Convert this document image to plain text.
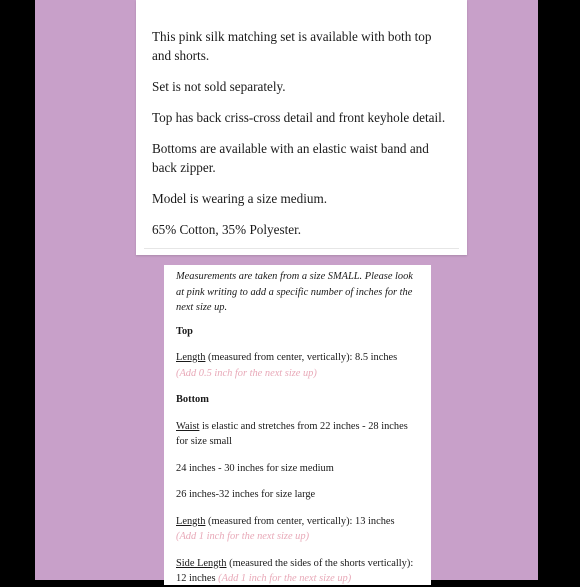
This pink silk matching set is available with both top and shorts.

Set is not sold separately.

Top has back criss-cross detail and front keyhole detail.

Bottoms are available with an elastic waist band and back zipper.

Model is wearing a size medium.

65% Cotton, 35% Polyester.

Measurements are taken from a size SMALL. Please look at pink writing to add a specific number of inches for the next size up.

Top

Length (measured from center, vertically): 8.5 inches
(Add 0.5 inch for the next size up)

Bottom

Waist is elastic and stretches from 22 inches - 28 inches for size small

24 inches - 30 inches for size medium

26 inches-32 inches for size large

Length (measured from center, vertically): 13 inches
(Add 1 inch for the next size up)

Side Length (measured the sides of the shorts vertically): 12 inches (Add 1 inch for the next size up)
